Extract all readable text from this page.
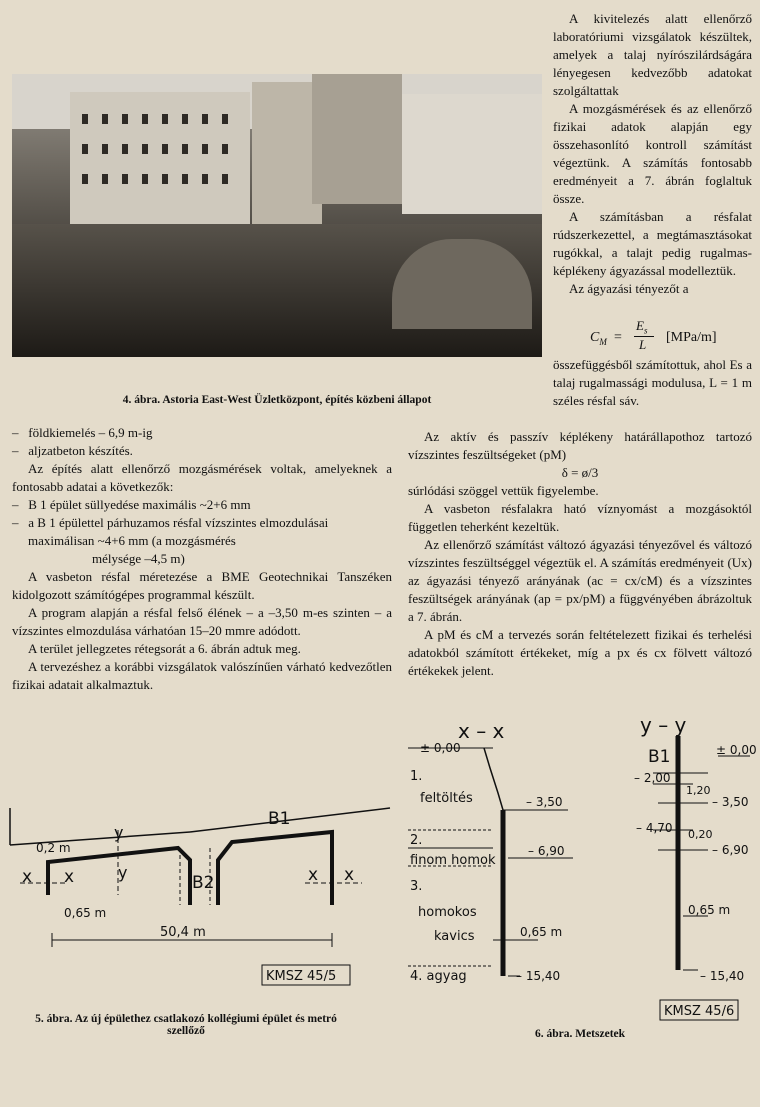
4. ábra. Astoria East-West Üzletközpont, építés közbeni állapot

A kivitelezés alatt ellenőrző laboratóriumi vizsgálatok készültek, amelyek a talaj nyírószilárdságára lényegesen kedvezőbb adatokat szolgáltattak

A mozgásmérések és az ellenőrző fizikai adatok alapján egy összehasonlító kontroll számítást végeztünk. A számítás fontosabb eredményeit a 7. ábrán foglaltuk össze.

A számításban a résfalat rúdszerkezettel, a megtámasztásokat rugókkal, a talajt pedig rugalmas-képlékeny ágyazással modelleztük.

Az ágyazási tényezőt a

$C_M$ =
$E_s$
L [MPa/m]

összefüggésből számítottuk, ahol Es a talaj rugalmassági modulusa, L = 1 m széles résfal sáv.

Az aktív és passzív képlékeny határállapothoz tartozó vízszintes feszültségeket (pM)

δ = ø/3

súrlódási szöggel vettük figyelembe.

A vasbeton résfalakra ható víznyomást a mozgásoktól független teherként kezeltük.

Az ellenőrző számítást változó ágyazási tényezővel és változó vízszintes feszültséggel végeztük el. A számítás eredményeit (Ux) az ágyazási tényező arányának (ac = cx/cM) és a vízszintes feszültségek arányának (ap = px/pM) a függvényében ábrázoltuk a 7. ábrán.

A pM és cM a tervezés során feltételezett fizikai és terhelési adatokból számított értékeket, míg a px és cx fölvett változó értékekek jelent.

–   földkiemelés – 6,9 m-ig

–   aljzatbeton készítés.

Az építés alatt ellenőrző mozgásmérések voltak, amelyeknek a fontosabb adatai a következők:

–   B 1 épület süllyedése maximális ~2+6 mm

–   a B 1 épülettel párhuzamos résfal vízszintes elmozdulásai

maximálisan ~4+6 mm (a mozgásmérés

mélysége –4,5 m)

A vasbeton résfal méretezése a BME Geotechnikai Tanszéken kidolgozott számítógépes programmal készült.

A program alapján a résfal felső élének – a –3,50 m-es szinten – a vízszintes elmozdulása várhatóan 15–20 mmre adódott.

A terület jellegzetes rétegsorát a 6. ábrán adtuk meg.

A tervezéshez a korábbi vizsgálatok valószínűen várható kedvezőtlen fizikai adatait alkalmaztuk.

B1
B2
y
y
x x	x x
0,2 m
0,65 m
50,4 m
KMSZ 45/5
5. ábra. Az új épülethez csatlakozó kollégiumi épület és metró szellőző
x – x
± 0,00
1.
feltöltés
2.
finom homok
3.
homokos
kavics
4. agyag
– 3,50
– 6,90
0,65 m
– 15,40
y – y
B1	± 0,00
– 2,00
1,20
– 3,50
– 4,70 0,20
– 6,90
0,65 m
– 15,40
KMSZ 45/6
6. ábra. Metszetek
